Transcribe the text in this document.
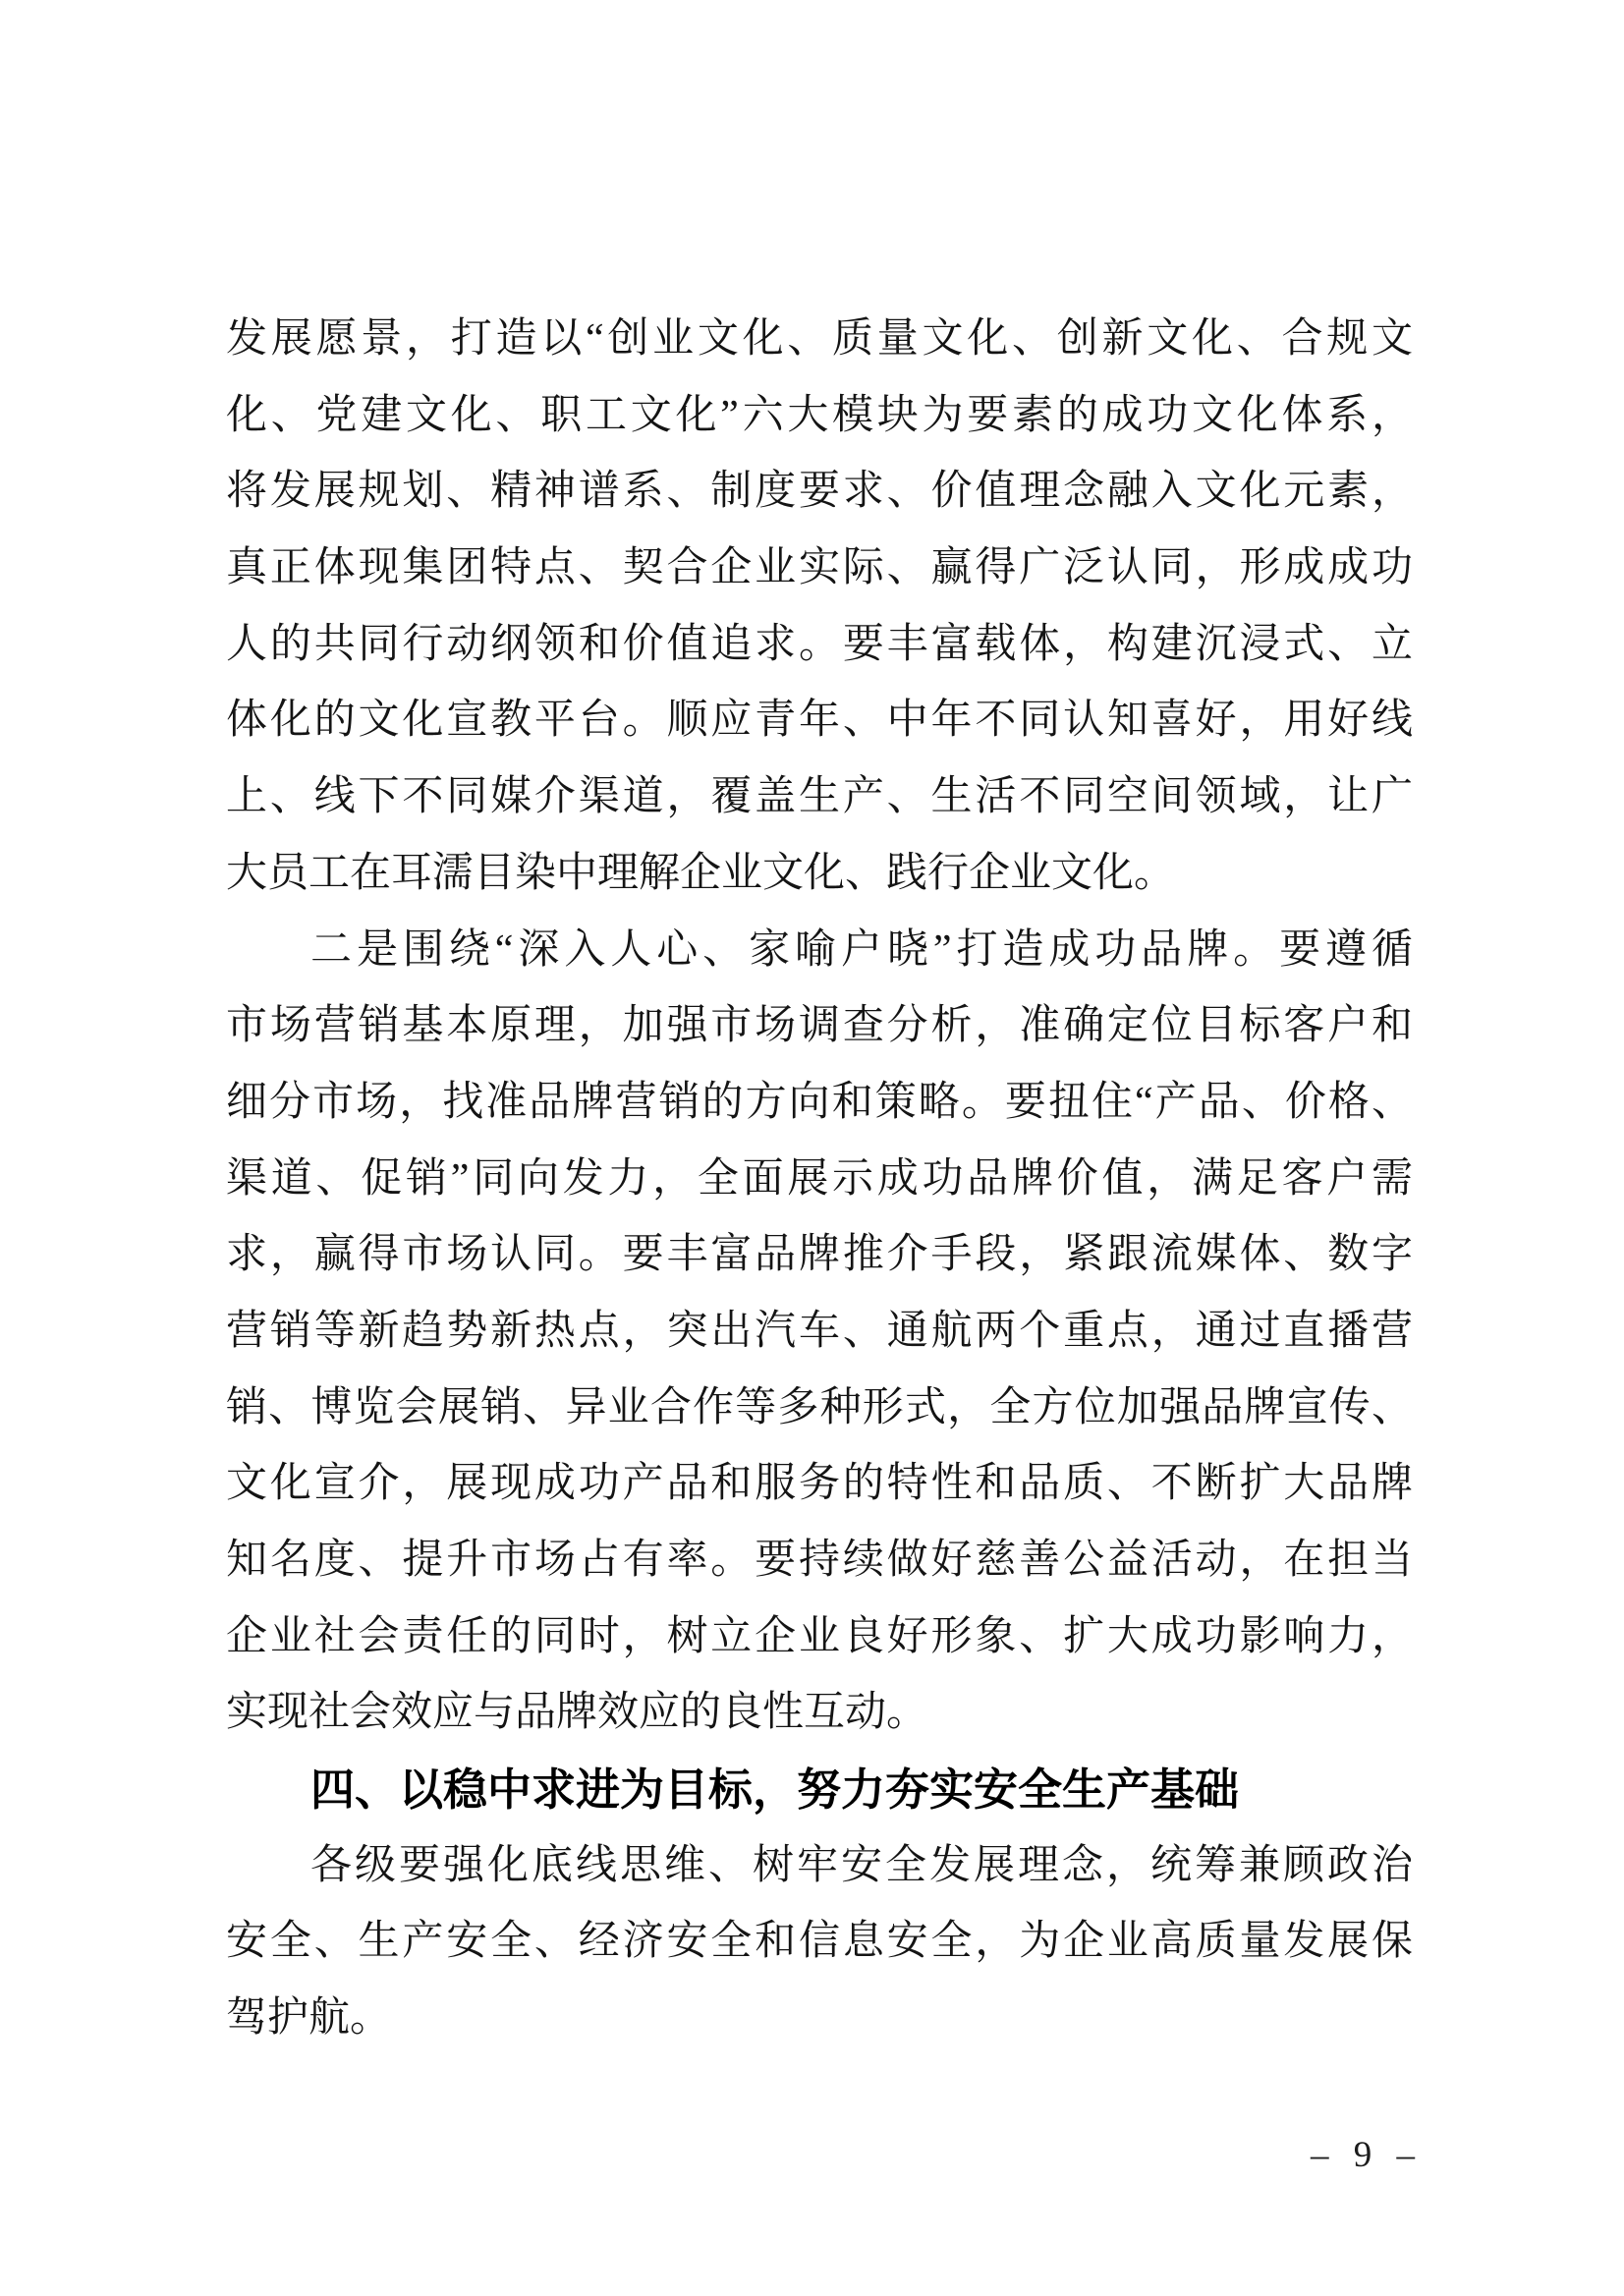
发展愿景，打造以“创业文化、质量文化、创新文化、合规文
化、党建文化、职工文化”六大模块为要素的成功文化体系，
将发展规划、精神谱系、制度要求、价值理念融入文化元素，
真正体现集团特点、契合企业实际、赢得广泛认同，形成成功
人的共同行动纲领和价值追求。要丰富载体，构建沉浸式、立
体化的文化宣教平台。顺应青年、中年不同认知喜好，用好线
上、线下不同媒介渠道，覆盖生产、生活不同空间领域，让广
大员工在耳濡目染中理解企业文化、践行企业文化。
二是围绕“深入人心、家喻户晓”打造成功品牌。要遵循
市场营销基本原理，加强市场调查分析，准确定位目标客户和
细分市场，找准品牌营销的方向和策略。要扭住“产品、价格、
渠道、促销”同向发力，全面展示成功品牌价值，满足客户需
求，赢得市场认同。要丰富品牌推介手段，紧跟流媒体、数字
营销等新趋势新热点，突出汽车、通航两个重点，通过直播营
销、博览会展销、异业合作等多种形式，全方位加强品牌宣传、
文化宣介，展现成功产品和服务的特性和品质、不断扩大品牌
知名度、提升市场占有率。要持续做好慈善公益活动，在担当
企业社会责任的同时，树立企业良好形象、扩大成功影响力，
实现社会效应与品牌效应的良性互动。
四、以稳中求进为目标，努力夯实安全生产基础
各级要强化底线思维、树牢安全发展理念，统筹兼顾政治
安全、生产安全、经济安全和信息安全，为企业高质量发展保
驾护航。
– 9 –
